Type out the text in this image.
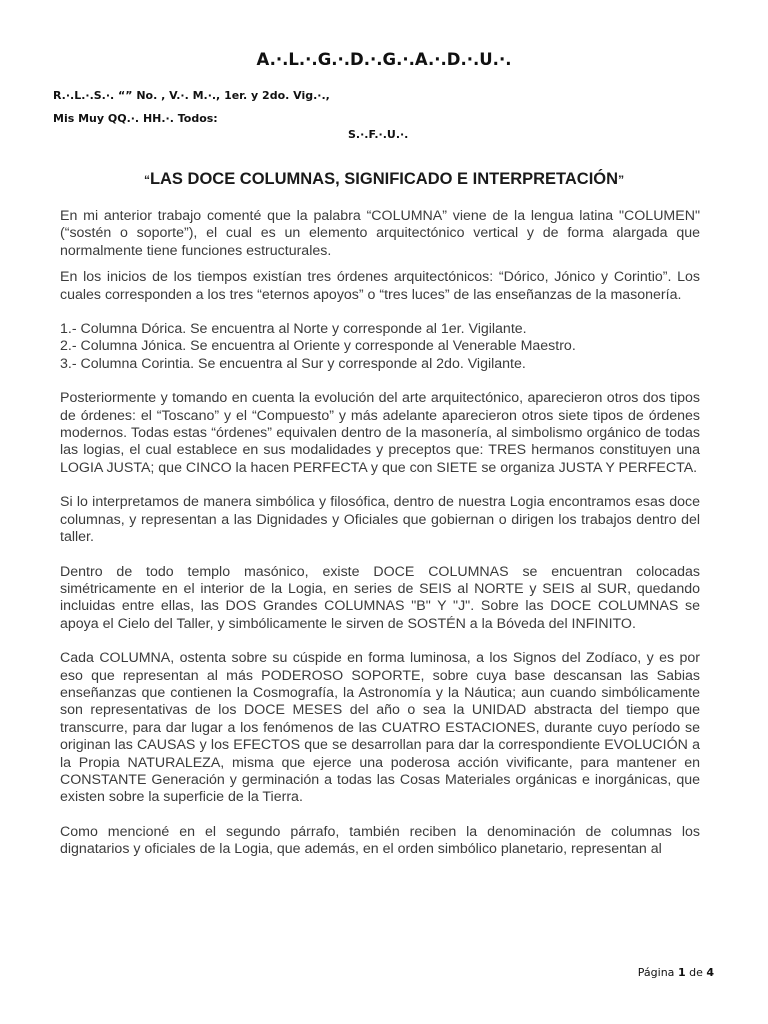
A.·.L.·.G.·.D.·.G.·.A.·.D.·.U.·.
R.·.L.·.S.·. “” No. , V.·. M.·., 1er. y 2do. Vig.·.,
Mis Muy QQ.·. HH.·. Todos:
S.·.F.·.U.·.
“LAS DOCE COLUMNAS, SIGNIFICADO E INTERPRETACIÓN”

En mi anterior trabajo comenté que la palabra “COLUMNA” viene de la lengua latina "COLUMEN" (“sostén o soporte”), el cual es un elemento arquitectónico vertical y de forma alargada que normalmente tiene funciones estructurales.

En los inicios de los tiempos existían tres órdenes arquitectónicos: “Dórico, Jónico y Corintio”. Los cuales corresponden a los tres “eternos apoyos” o “tres luces” de las enseñanzas de la masonería.

1.- Columna Dórica. Se encuentra al Norte y corresponde al 1er. Vigilante.
2.- Columna Jónica. Se encuentra al Oriente y corresponde al Venerable Maestro.
3.- Columna Corintia. Se encuentra al Sur y corresponde al 2do. Vigilante.

Posteriormente y tomando en cuenta la evolución del arte arquitectónico, aparecieron otros dos tipos de órdenes: el “Toscano” y el “Compuesto” y más adelante aparecieron otros siete tipos de órdenes modernos. Todas estas “órdenes” equivalen dentro de la masonería, al simbolismo orgánico de todas las logias, el cual establece en sus modalidades y preceptos que: TRES hermanos constituyen una LOGIA JUSTA; que CINCO la hacen PERFECTA y que con SIETE se organiza JUSTA Y PERFECTA.

Si lo interpretamos de manera simbólica y filosófica, dentro de nuestra Logia encontramos esas doce columnas, y representan a las Dignidades y Oficiales que gobiernan o dirigen los trabajos dentro del taller.

Dentro de todo templo masónico, existe DOCE COLUMNAS se encuentran colocadas simétricamente en el interior de la Logia, en series de SEIS al NORTE y SEIS al SUR, quedando incluidas entre ellas, las DOS Grandes COLUMNAS "B" Y "J". Sobre las DOCE COLUMNAS se apoya el Cielo del Taller, y simbólicamente le sirven de SOSTÉN a la Bóveda del INFINITO.

Cada COLUMNA, ostenta sobre su cúspide en forma luminosa, a los Signos del Zodíaco, y es por eso que representan al más PODEROSO SOPORTE, sobre cuya base descansan las Sabias enseñanzas que contienen la Cosmografía, la Astronomía y la Náutica; aun cuando simbólicamente son representativas de los DOCE MESES del año o sea la UNIDAD abstracta del tiempo que transcurre, para dar lugar a los fenómenos de las CUATRO ESTACIONES, durante cuyo período se originan las CAUSAS y los EFECTOS que se desarrollan para dar la correspondiente EVOLUCIÓN a la Propia NATURALEZA, misma que ejerce una poderosa acción vivificante, para mantener en CONSTANTE Generación y germinación a todas las Cosas Materiales orgánicas e inorgánicas, que existen sobre la superficie de la Tierra.

Como mencioné en el segundo párrafo, también reciben la denominación de columnas los dignatarios y oficiales de la Logia, que además, en el orden simbólico planetario, representan al

Página 1 de 4
